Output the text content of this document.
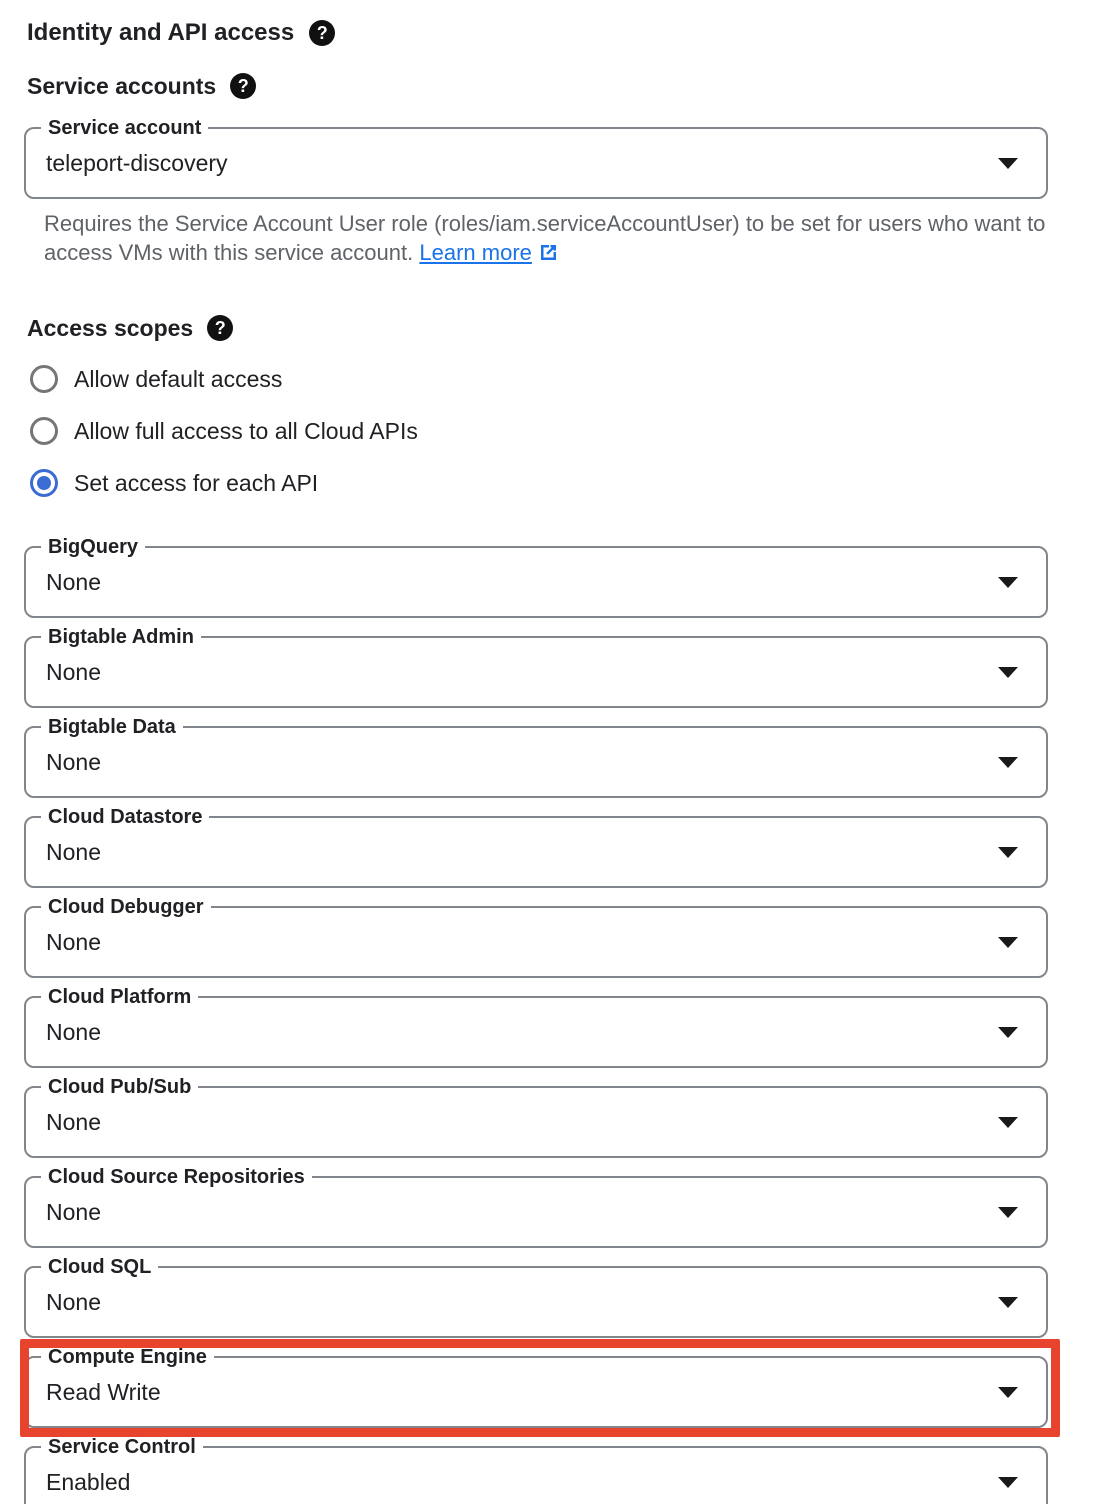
Identity and API access	?
Service accounts	?
Service account
teleport-discovery

Requires the Service Account User role (roles/iam.serviceAccountUser) to be set for users who want to access VMs with this service account. Learn more

Access scopes	?
Allow default access
Allow full access to all Cloud APIs
Set access for each API
BigQuery
None
Bigtable Admin
None
Bigtable Data
None
Cloud Datastore
None
Cloud Debugger
None
Cloud Platform
None
Cloud Pub/Sub
None
Cloud Source Repositories
None
Cloud SQL
None
Compute Engine
Read Write
Service Control
Enabled
